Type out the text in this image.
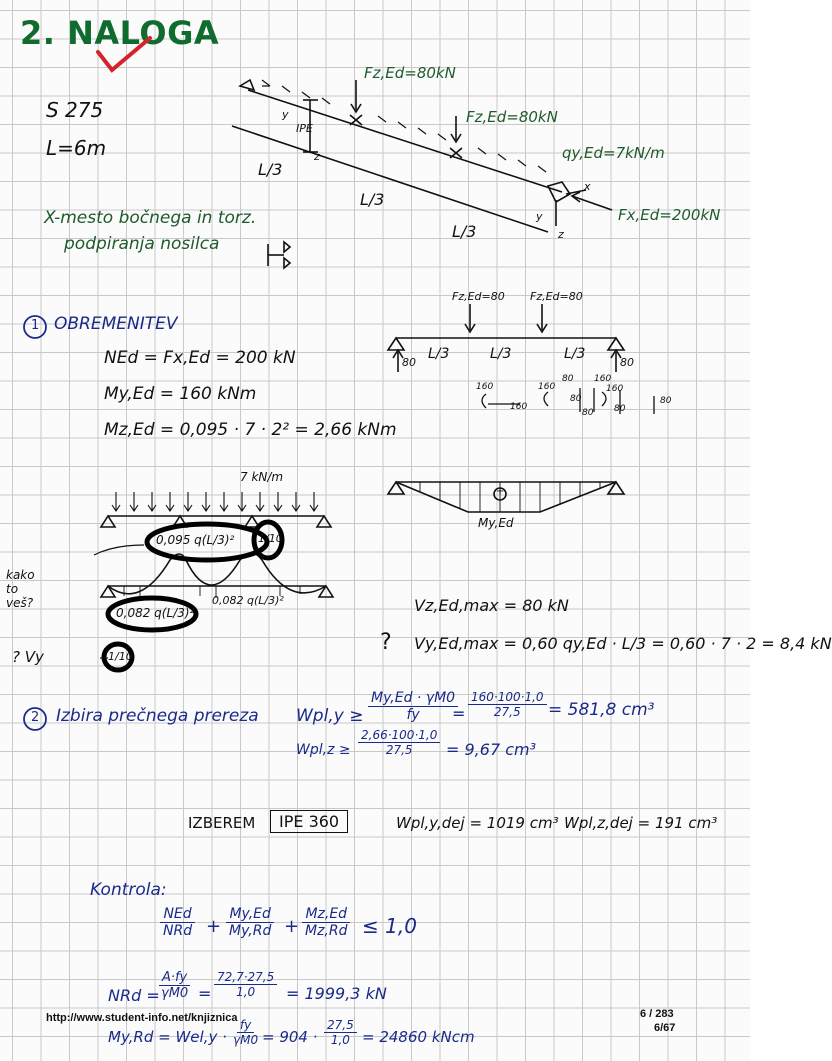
2. NALOGA
S 275
L=6m
Fz,Ed=80kN
Fz,Ed=80kN
qy,Ed=7kN/m
Fx,Ed=200kN
IPE
y
z
y
z
x
L/3
L/3
L/3
X-mesto bočnega in torz.
podpiranja nosilca
1 OBREMENITEV
NEd = Fx,Ed = 200 kN
My,Ed = 160 kNm
Mz,Ed = 0,095 · 7 · 2² = 2,66 kNm
Fz,Ed=80 Fz,Ed=80
L/3	L/3	L/3
80	80
160
160
160
80 160
80
80
160
80
80
+
My,Ed
7 kN/m
0,095 q(L/3)² 1/10
0,082 q(L/3)²
0,082 q(L/3)²
1/10
kako to veš?
? Vy
Vz,Ed,max = 80 kN
? Vy,Ed,max = 0,60 qy,Ed · L/3 = 0,60 · 7 · 2 = 8,4 kN
2 Izbira prečnega prereza $Wpl,y \ge \frac{My,Ed \cdot \gamma M0}{fy}$
= $\frac{160\cdot 100\cdot 1,0}{27,5} = 581,8$ cm³
$Wpl,z \ge \frac{2,66\cdot 100\cdot 1,0}{27,5} = 9,67$ cm³
IZBEREM	IPE 360	Wpl,y,dej = 1019 cm³ Wpl,z,dej = 191 cm³
Kontrola:
NEd
NRd + $\frac{My,Ed}{My,Rd} + \frac{Mz,Ed}{Mz,Rd} \le 1,0$
NRd =
$\frac{A\cdot fy}{\gamma M0} = \frac{72,7\cdot 27,5}{1,0} = 1999,3$ kN
$My,Rd = Wel,y \cdot \frac{fy}{\gamma M0} = 904 \cdot \frac{27,5}{1,0} = 24860$ kNcm
http://www.student-info.net/knjiznica	6 / 283
6/67
